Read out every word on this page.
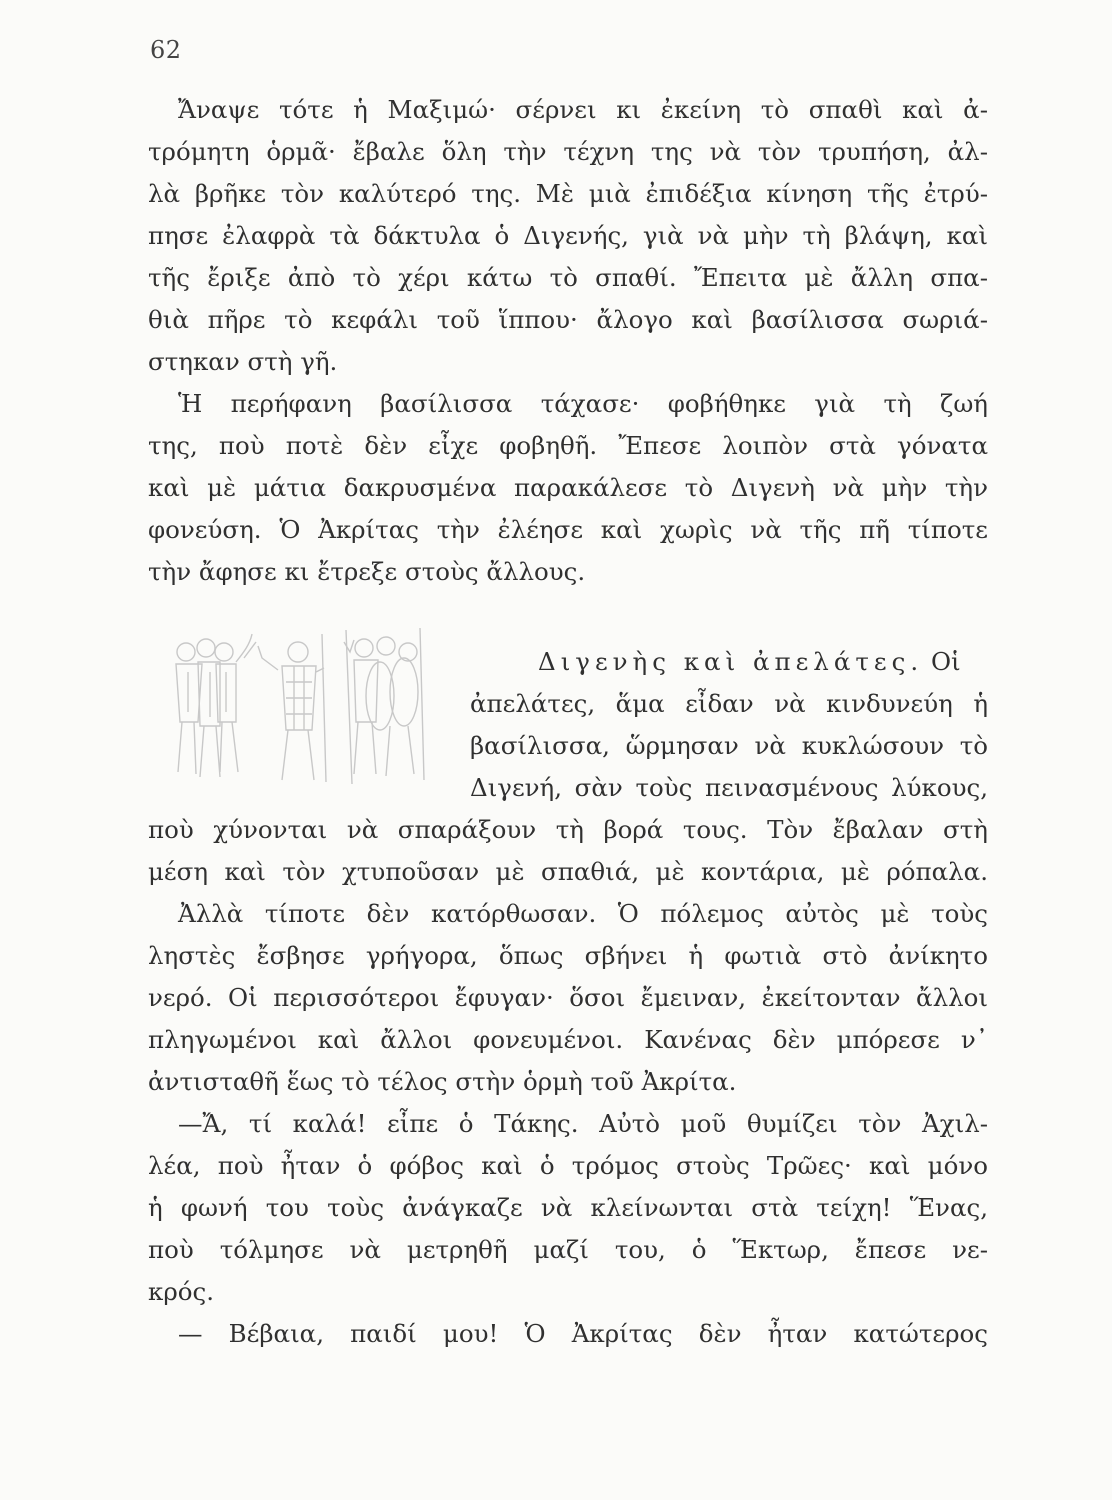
62
Ἄναψε τότε ἡ Μαξιμώ· σέρνει κι ἐκείνη τὸ σπαθὶ καὶ ἀ-
τρόμητη ὁρμᾶ· ἔβαλε ὅλη τὴν τέχνη της νὰ τὸν τρυπήση, ἀλ-
λὰ βρῆκε τὸν καλύτερό της. Μὲ μιὰ ἐπιδέξια κίνηση τῆς ἐτρύ-
πησε ἐλαφρὰ τὰ δάκτυλα ὁ Διγενής, γιὰ νὰ μὴν τὴ βλάψη, καὶ
τῆς ἔριξε ἀπὸ τὸ χέρι κάτω τὸ σπαθί. Ἔπειτα μὲ ἄλλη σπα-
θιὰ πῆρε τὸ κεφάλι τοῦ ἵππου· ἄλογο καὶ βασίλισσα σωριά-
στηκαν στὴ γῆ.
Ἡ περήφανη βασίλισσα τάχασε· φοβήθηκε γιὰ τὴ ζωή
της, ποὺ ποτὲ δὲν εἶχε φοβηθῆ. Ἔπεσε λοιπὸν στὰ γόνατα
καὶ μὲ μάτια δακρυσμένα παρακάλεσε τὸ Διγενὴ νὰ μὴν τὴν
φονεύση. Ὁ Ἀκρίτας τὴν ἐλέησε καὶ χωρὶς νὰ τῆς πῆ τίποτε
τὴν ἄφησε κι ἔτρεξε στοὺς ἄλλους.
Διγενὴς καὶ ἀπελάτες. Οἱ
ἀπελάτες, ἅμα εἶδαν νὰ κινδυνεύη ἡ
βασίλισσα, ὥρμησαν νὰ κυκλώσουν τὸ
Διγενή, σὰν τοὺς πεινασμένους λύκους,
ποὺ χύνονται νὰ σπαράξουν τὴ βορά τους. Τὸν ἔβαλαν στὴ
μέση καὶ τὸν χτυποῦσαν μὲ σπαθιά, μὲ κοντάρια, μὲ ρόπαλα.
Ἀλλὰ τίποτε δὲν κατόρθωσαν. Ὁ πόλεμος αὐτὸς μὲ τοὺς
ληστὲς ἔσβησε γρήγορα, ὅπως σβήνει ἡ φωτιὰ στὸ ἀνίκητο
νερό. Οἱ περισσότεροι ἔφυγαν· ὅσοι ἔμειναν, ἐκείτονταν ἄλλοι
πληγωμένοι καὶ ἄλλοι φονευμένοι. Κανένας δὲν μπόρεσε ν᾽
ἀντισταθῆ ἕως τὸ τέλος στὴν ὁρμὴ τοῦ Ἀκρίτα.
—Ἄ, τί καλά! εἶπε ὁ Τάκης. Αὐτὸ μοῦ θυμίζει τὸν Ἀχιλ-
λέα, ποὺ ἦταν ὁ φόβος καὶ ὁ τρόμος στοὺς Τρῶες· καὶ μόνο
ἡ φωνή του τοὺς ἀνάγκαζε νὰ κλείνωνται στὰ τείχη! Ἕνας,
ποὺ τόλμησε νὰ μετρηθῆ μαζί του, ὁ Ἕκτωρ, ἔπεσε νε-
κρός.
— Βέβαια, παιδί μου! Ὁ Ἀκρίτας δὲν ἦταν κατώτερος
